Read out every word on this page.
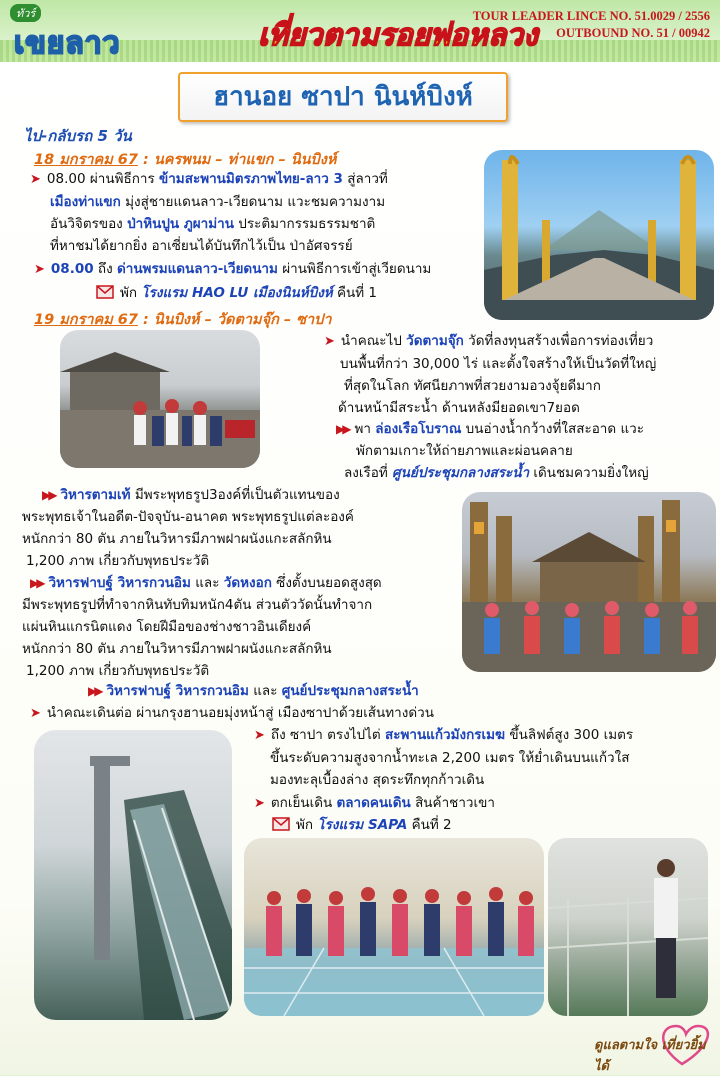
ทัวร์
เขยลาว	เที่ยวตามรอยพ่อหลวง
TOUR LEADER LINCE NO. 51.0029 / 2556
OUTBOUND NO. 51 / 00942
ฮานอย ซาปา นินห์บิงห์
ไป-กลับรถ 5 วัน
18 มกราคม 67 : นครพนม – ท่าแขก – นินบิงห์
➤ 08.00 ผ่านพิธีการ ข้ามสะพานมิตรภาพไทย-ลาว 3 สู่ลาวที่
เมืองท่าแขก มุ่งสู่ชายแดนลาว-เวียดนาม แวะชมความงาม
อันวิจิตรของ ป่าหินปูน ภูผาม่าน ประติมากรรมธรรมชาติ
ที่หาชมได้ยากยิ่ง อาเซี่ยนได้บันทึกไว้เป็น ป่าอัศจรรย์
➤ 08.00 ถึง ด่านพรมแดนลาว-เวียดนาม ผ่านพิธีการเข้าสู่เวียดนาม
พัก โรงแรม HAO LU เมืองนินห์บิงห์ คืนที่ 1
19 มกราคม 67 : นินบิงห์ – วัดตามจุ๊ก – ซาปา
➤ นำคณะไป วัดตามจุ๊ก วัดที่ลงทุนสร้างเพื่อการท่องเที่ยว
บนพื้นที่กว่า 30,000 ไร่ และตั้งใจสร้างให้เป็นวัดที่ใหญ่
ที่สุดในโลก ทัศนียภาพที่สวยงามอวงจุ้ยดีมาก
ด้านหน้ามีสระน้ำ ด้านหลังมียอดเขา7ยอด
▶▶ พา ล่องเรือโบราณ บนอ่างน้ำกว้างที่ใสสะอาด แวะ
พักตามเกาะให้ถ่ายภาพและผ่อนคลาย
ลงเรือที่ ศูนย์ประชุมกลางสระน้ำ เดินชมความยิ่งใหญ่
▶▶ วิหารตามเท้ มีพระพุทธรูป3องค์ที่เป็นตัวแทนของ
พระพุทธเจ้าในอดีต-ปัจจุบัน-อนาคต พระพุทธรูปแต่ละองค์
หนักกว่า 80 ตัน ภายในวิหารมีภาพฝาผนังแกะสลักหิน
1,200 ภาพ เกี่ยวกับพุทธประวัติ
▶▶ วิหารฟาบฐ์ วิหารกวนอิม และ วัดหงอก ซึ่งตั้งบนยอดสูงสุด
มีพระพุทธรูปที่ทำจากหินทับทิมหนัก4ตัน ส่วนตัววัดนั้นทำจาก
แผ่นหินแกรนิตแดง โดยฝีมือของช่างชาวอินเดียงค์
หนักกว่า 80 ตัน ภายในวิหารมีภาพฝาผนังแกะสลักหิน
1,200 ภาพ เกี่ยวกับพุทธประวัติ
▶▶ วิหารฟาบฐ์ วิหารกวนอิม และ ศูนย์ประชุมกลางสระน้ำ
➤ นำคณะเดินต่อ ผ่านกรุงฮานอยมุ่งหน้าสู่ เมืองซาปาด้วยเส้นทางด่วน
➤ ถึง ซาปา ตรงไปไต่ สะพานแก้วมังกรเมฆ ขึ้นลิฟต์สูง 300 เมตร
ขึ้นระดับความสูงจากน้ำทะเล 2,200 เมตร ให้ย่ำเดินบนแก้วใส
มองทะลุเบื้องล่าง สุดระทึกทุกก้าวเดิน
➤ ตกเย็นเดิน ตลาดคนเดิน สินค้าชาวเขา
พัก โรงแรม SAPA คืนที่ 2
ดูแลตามใจ เที่ยวยิ้มได้
